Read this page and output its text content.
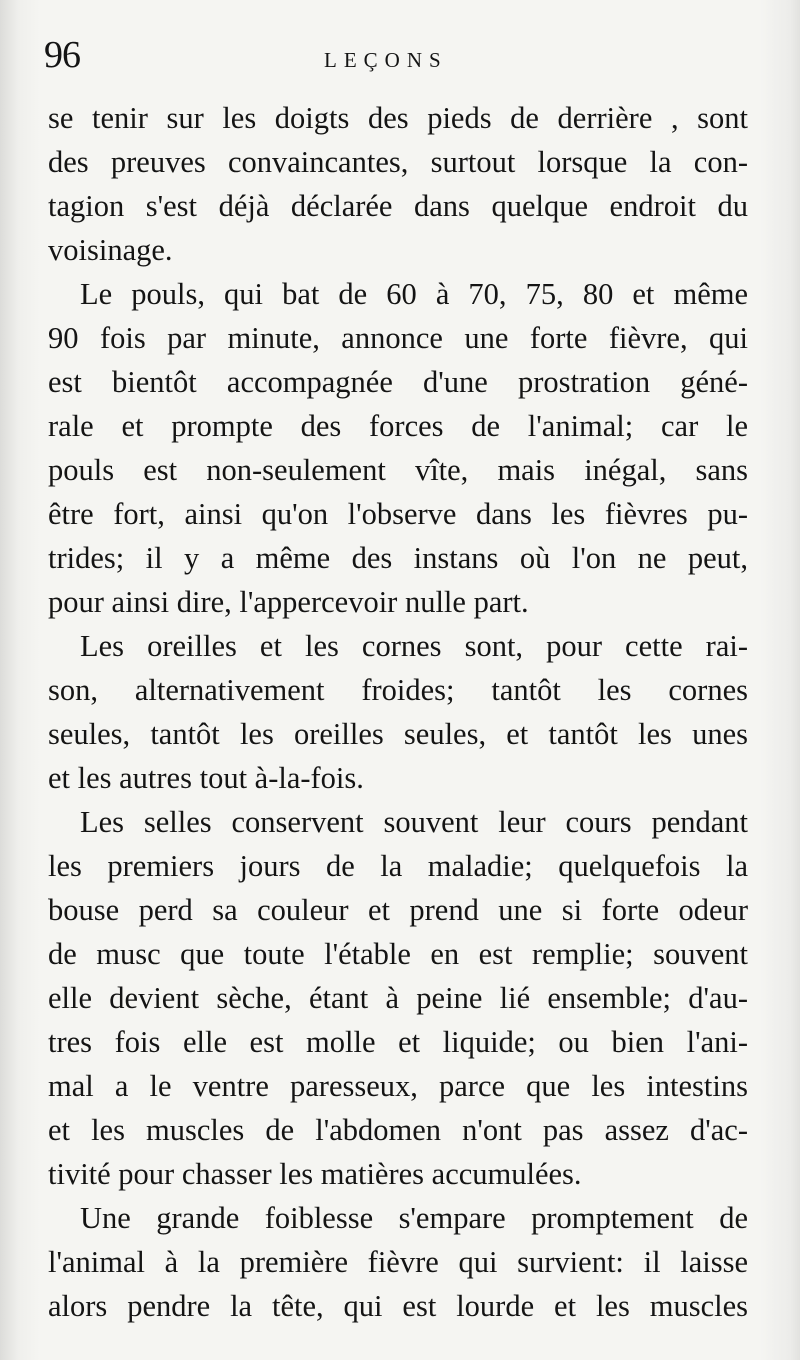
96	LEÇONS
se tenir sur les doigts des pieds de derrière , sont
des preuves convaincantes, surtout lorsque la con-
tagion s'est déjà déclarée dans quelque endroit du
voisinage.
Le pouls, qui bat de 60 à 70, 75, 80 et même
90 fois par minute, annonce une forte fièvre, qui
est bientôt accompagnée d'une prostration géné-
rale et prompte des forces de l'animal; car le
pouls est non-seulement vîte, mais inégal, sans
être fort, ainsi qu'on l'observe dans les fièvres pu-
trides; il y a même des instans où l'on ne peut,
pour ainsi dire, l'appercevoir nulle part.
Les oreilles et les cornes sont, pour cette rai-
son, alternativement froides; tantôt les cornes
seules, tantôt les oreilles seules, et tantôt les unes
et les autres tout à-la-fois.
Les selles conservent souvent leur cours pendant
les premiers jours de la maladie; quelquefois la
bouse perd sa couleur et prend une si forte odeur
de musc que toute l'étable en est remplie; souvent
elle devient sèche, étant à peine lié ensemble; d'au-
tres fois elle est molle et liquide; ou bien l'ani-
mal a le ventre paresseux, parce que les intestins
et les muscles de l'abdomen n'ont pas assez d'ac-
tivité pour chasser les matières accumulées.
Une grande foiblesse s'empare promptement de
l'animal à la première fièvre qui survient: il laisse
alors pendre la tête, qui est lourde et les muscles
